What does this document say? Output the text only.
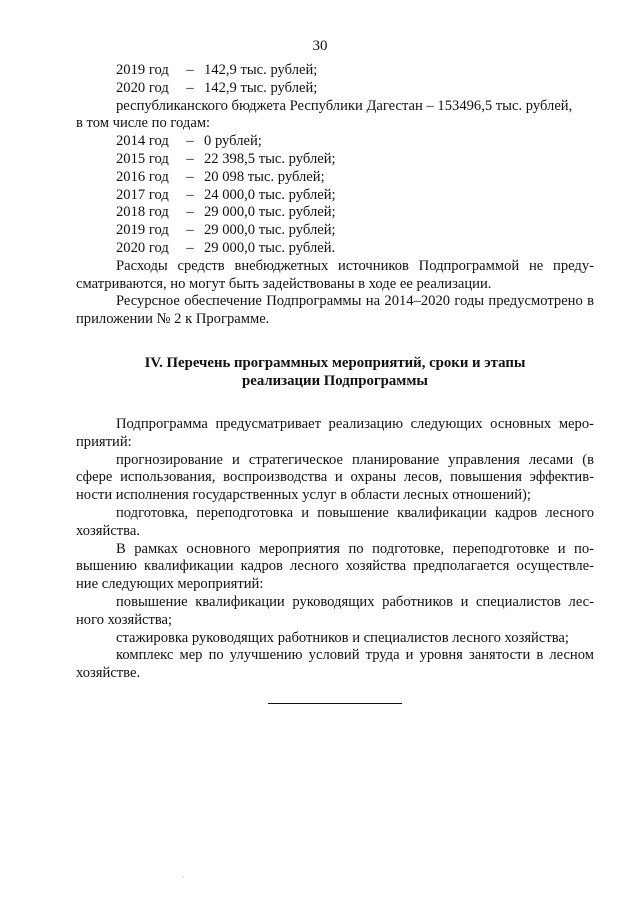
30
2019 год	– 142,9 тыс. рублей;
2020 год	– 142,9 тыс. рублей;
республиканского бюджета Республики Дагестан – 153496,5 тыс. рублей,
в том числе по годам:
2014 год	– 0 рублей;
2015 год	– 22 398,5 тыс. рублей;
2016 год	– 20 098 тыс. рублей;
2017 год	– 24 000,0 тыс. рублей;
2018 год	– 29 000,0 тыс. рублей;
2019 год	– 29 000,0 тыс. рублей;
2020 год	– 29 000,0 тыс. рублей.

Расходы средств внебюджетных источников Подпрограммой не преду-сматриваются, но могут быть задействованы в ходе ее реализации.

Ресурсное обеспечение Подпрограммы на 2014–2020 годы предусмотрено в приложении № 2 к Программе.

IV. Перечень программных мероприятий, сроки и этапы
реализации Подпрограммы

Подпрограмма предусматривает реализацию следующих основных меро-приятий:

прогнозирование и стратегическое планирование управления лесами (в сфере использования, воспроизводства и охраны лесов, повышения эффектив-ности исполнения государственных услуг в области лесных отношений);

подготовка, переподготовка и повышение квалификации кадров лесного хозяйства.

В рамках основного мероприятия по подготовке, переподготовке и по-вышению квалификации кадров лесного хозяйства предполагается осуществле-ние следующих мероприятий:

повышение квалификации руководящих работников и специалистов лес-ного хозяйства;

стажировка руководящих работников и специалистов лесного хозяйства;

комплекс мер по улучшению условий труда и уровня занятости в лесном хозяйстве.

·
